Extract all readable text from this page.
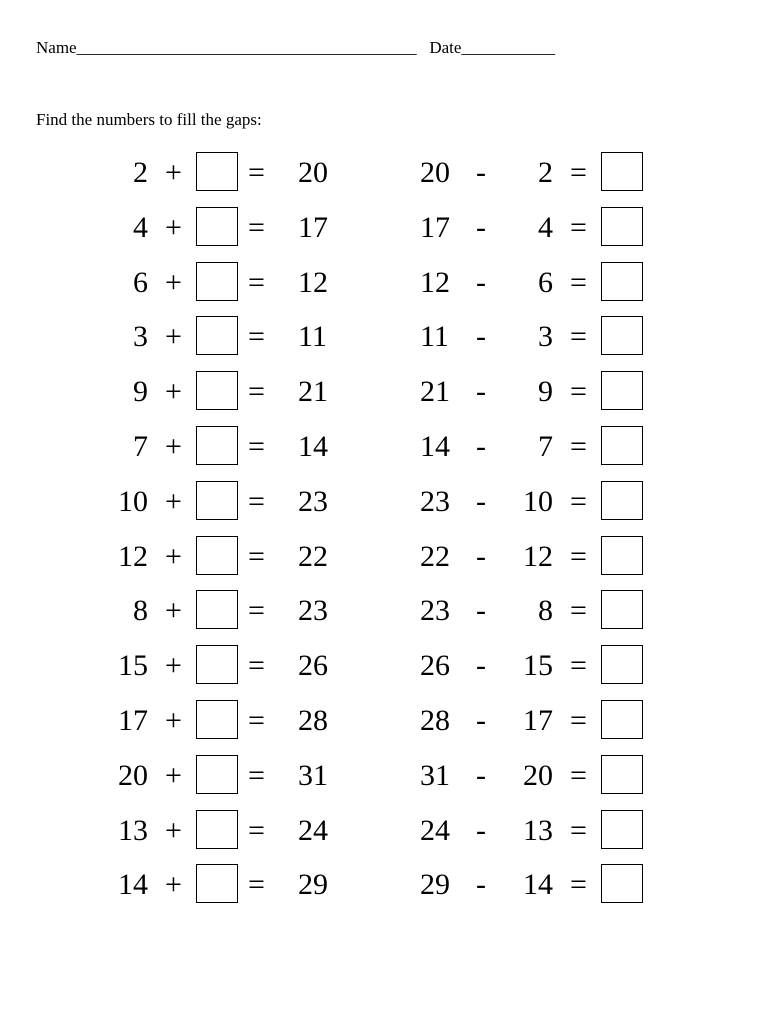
Name________________________________________ Date___________
Find the numbers to fill the gaps:
2 + = 20	20 -	2 =
4 + = 17	17 -	4 =
6 + = 12	12 -	6 =
3 + = 11	11 -	3 =
9 + = 21	21 -	9 =
7 + = 14	14 -	7 =
10 + = 23	23 -	10 =
12 + = 22	22 -	12 =
8 + = 23	23 -	8 =
15 + = 26	26 -	15 =
17 + = 28	28 -	17 =
20 + = 31	31 -	20 =
13 + = 24	24 -	13 =
14 + = 29	29 -	14 =
